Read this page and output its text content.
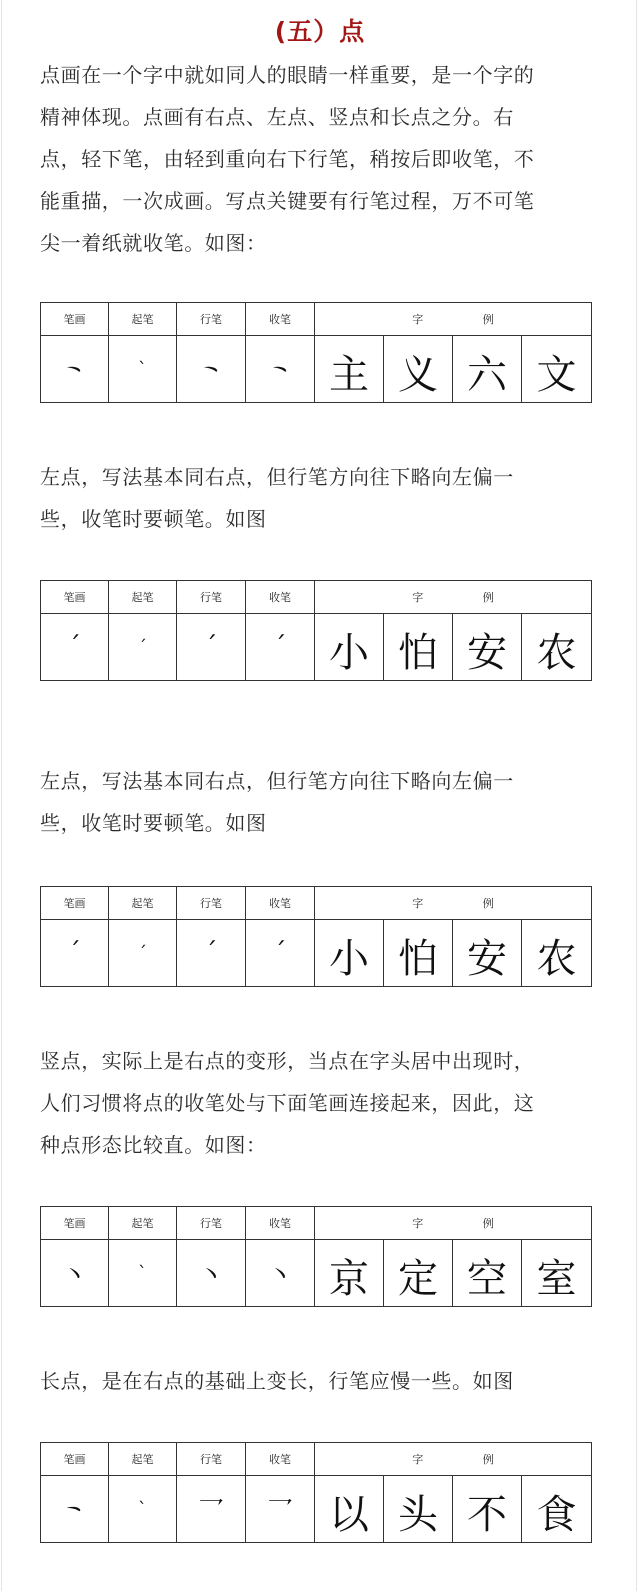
(五）点

点画在一个字中就如同人的眼睛一样重要，是一个字的
精神体现。点画有右点、左点、竖点和长点之分。右
点，轻下笔，由轻到重向右下行笔，稍按后即收笔，不
能重描，一次成画。写点关键要有行笔过程，万不可笔
尖一着纸就收笔。如图：

笔画	起笔	行笔	收笔	字 例			
丶	`	丶	丶	主	义	六	文

左点，写法基本同右点，但行笔方向往下略向左偏一
些，收笔时要顿笔。如图

笔画	起笔	行笔	收笔	字 例			
ˊ	ˊ	ˊ	ˊ	小	怕	安	农

左点，写法基本同右点，但行笔方向往下略向左偏一
些，收笔时要顿笔。如图

笔画	起笔	行笔	收笔	字 例			
ˊ	ˊ	ˊ	ˊ	小	怕	安	农

竖点，实际上是右点的变形，当点在字头居中出现时，
人们习惯将点的收笔处与下面笔画连接起来，因此，这
种点形态比较直。如图：

笔画	起笔	行笔	收笔	字 例			
丶	`	丶	丶	京	定	空	室

长点，是在右点的基础上变长，行笔应慢一些。如图

笔画	起笔	行笔	收笔	字 例			
丶	`	乛	乛	以	头	不	食
